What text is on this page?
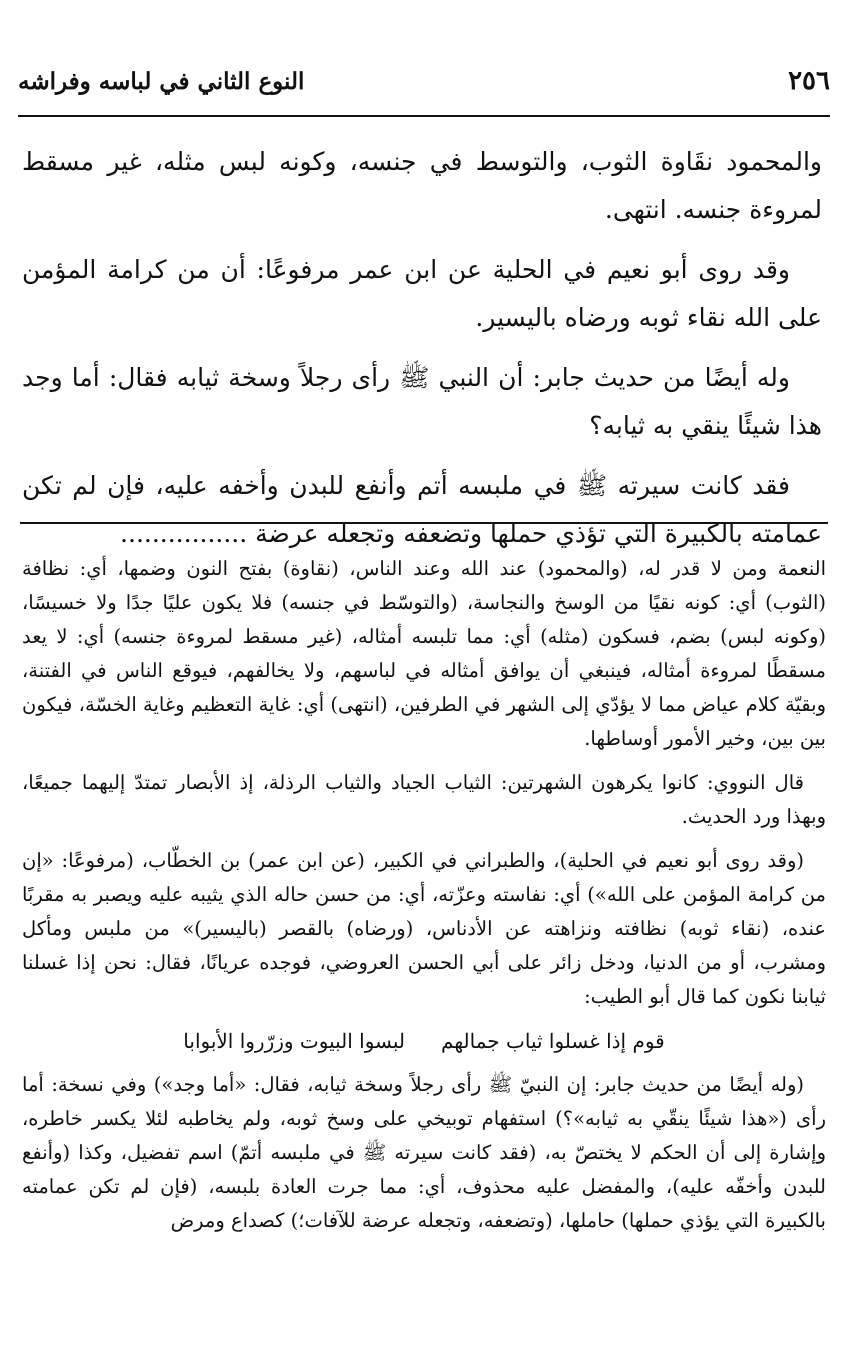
٢٥٦
النوع الثاني في لباسه وفراشه

والمحمود نقَاوة الثوب، والتوسط في جنسه، وكونه لبس مثله، غير مسقط لمروءة جنسه. انتهى.

وقد روى أبو نعيم في الحلية عن ابن عمر مرفوعًا: أن من كرامة المؤمن على الله نقاء ثوبه ورضاه باليسير.

وله أيضًا من حديث جابر: أن النبي ﷺ رأى رجلاً وسخة ثيابه فقال: أما وجد هذا شيئًا ينقي به ثيابه؟

فقد كانت سيرته ﷺ في ملبسه أتم وأنفع للبدن وأخفه عليه، فإن لم تكن عمامته بالكبيرة التي تؤذي حملها وتضعفه وتجعله عرضة ................

النعمة ومن لا قدر له، (والمحمود) عند الله وعند الناس، (نقاوة) بفتح النون وضمها، أي: نظافة (الثوب) أي: كونه نقيًا من الوسخ والنجاسة، (والتوسّط في جنسه) فلا يكون عليًا جدًا ولا خسيسًا، (وكونه لبس) بضم، فسكون (مثله) أي: مما تلبسه أمثاله، (غير مسقط لمروءة جنسه) أي: لا يعد مسقطًا لمروءة أمثاله، فينبغي أن يوافق أمثاله في لباسهم، ولا يخالفهم، فيوقع الناس في الفتنة، وبقيّة كلام عياض مما لا يؤدّي إلى الشهر في الطرفين، (انتهى) أي: غاية التعظيم وغاية الخسّة، فيكون بين بين، وخير الأمور أوساطها.

قال النووي: كانوا يكرهون الشهرتين: الثياب الجياد والثياب الرذلة، إذ الأبصار تمتدّ إليهما جميعًا، وبهذا ورد الحديث.

(وقد روى أبو نعيم في الحلية)، والطبراني في الكبير، (عن ابن عمر) بن الخطّاب، (مرفوعًا: «إن من كرامة المؤمن على الله») أي: نفاسته وعزّته، أي: من حسن حاله الذي يثيبه عليه ويصبر به مقربًا عنده، (نقاء ثوبه) نظافته ونزاهته عن الأدناس، (ورضاه) بالقصر (باليسير)» من ملبس ومأكل ومشرب، أو من الدنيا، ودخل زائر على أبي الحسن العروضي، فوجده عريانًا، فقال: نحن إذا غسلنا ثيابنا نكون كما قال أبو الطيب:

قوم إذا غسلوا ثياب جمالهم
لبسوا البيوت وزرّروا الأبوابا

(وله أيضًا من حديث جابر: إن النبيّ ﷺ رأى رجلاً وسخة ثيابه، فقال: «أما وجد») وفي نسخة: أما رأى («هذا شيئًا ينقّي به ثيابه»؟) استفهام توبيخي على وسخ ثوبه، ولم يخاطبه لئلا يكسر خاطره، وإشارة إلى أن الحكم لا يختصّ به، (فقد كانت سيرته ﷺ في ملبسه أتمّ) اسم تفضيل، وكذا (وأنفع للبدن وأخفّه عليه)، والمفضل عليه محذوف، أي: مما جرت العادة بلبسه، (فإن لم تكن عمامته بالكبيرة التي يؤذي حملها) حاملها، (وتضعفه، وتجعله عرضة للآفات؛) كصداع ومرض
